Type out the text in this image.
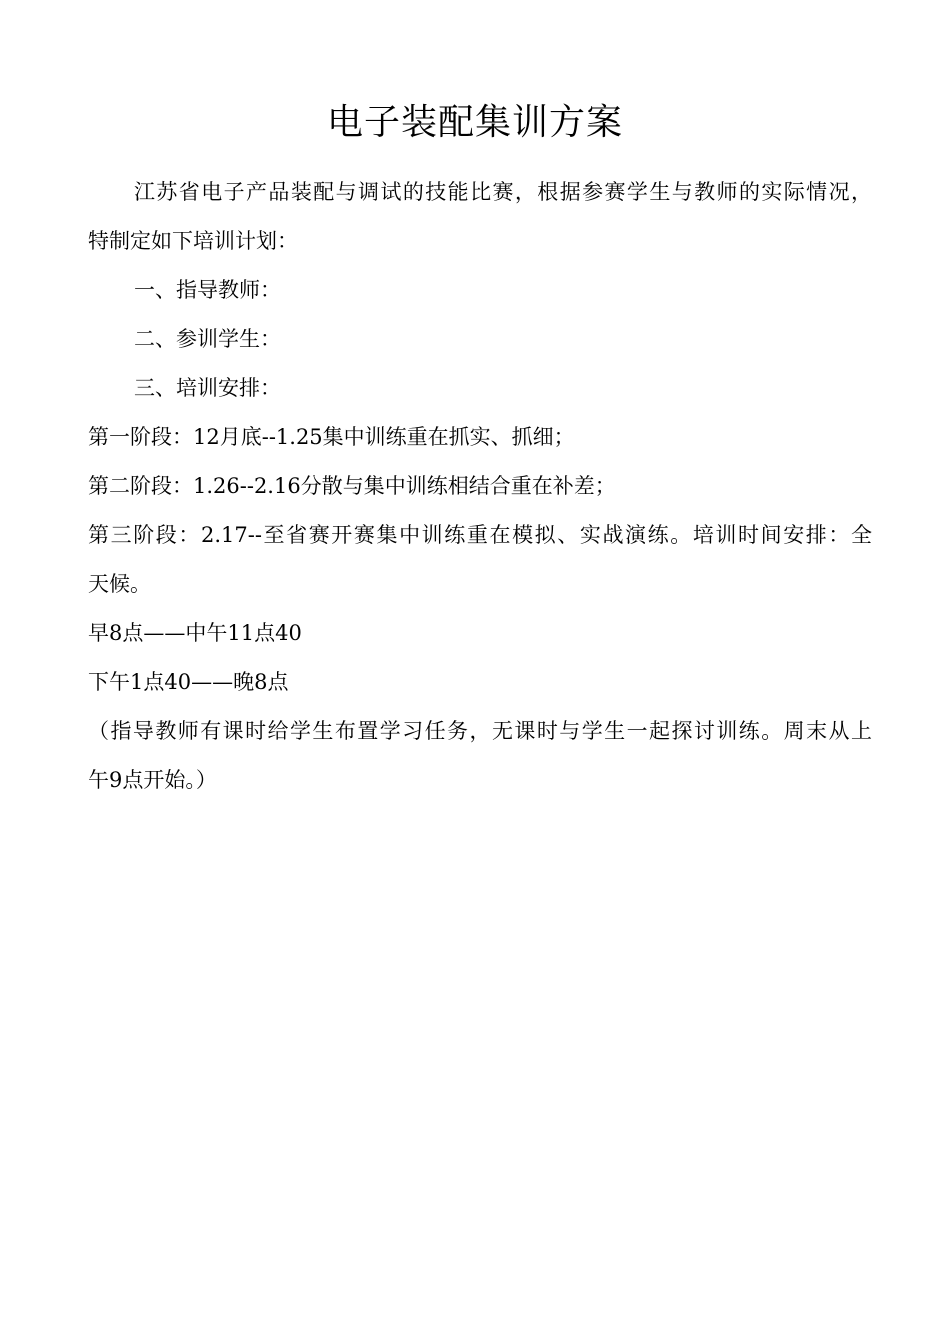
电子装配集训方案
江苏省电子产品装配与调试的技能比赛，根据参赛学生与教师的实际情况，
特制定如下培训计划：
一、指导教师：
二、参训学生：
三、培训安排：
第一阶段：12月底--1.25集中训练重在抓实、抓细；
第二阶段：1.26--2.16分散与集中训练相结合重在补差；
第三阶段：2.17--至省赛开赛集中训练重在模拟、实战演练。培训时间安排：全
天候。
早8点——中午11点40
下午1点40——晚8点
（指导教师有课时给学生布置学习任务，无课时与学生一起探讨训练。周末从上
午9点开始。）
